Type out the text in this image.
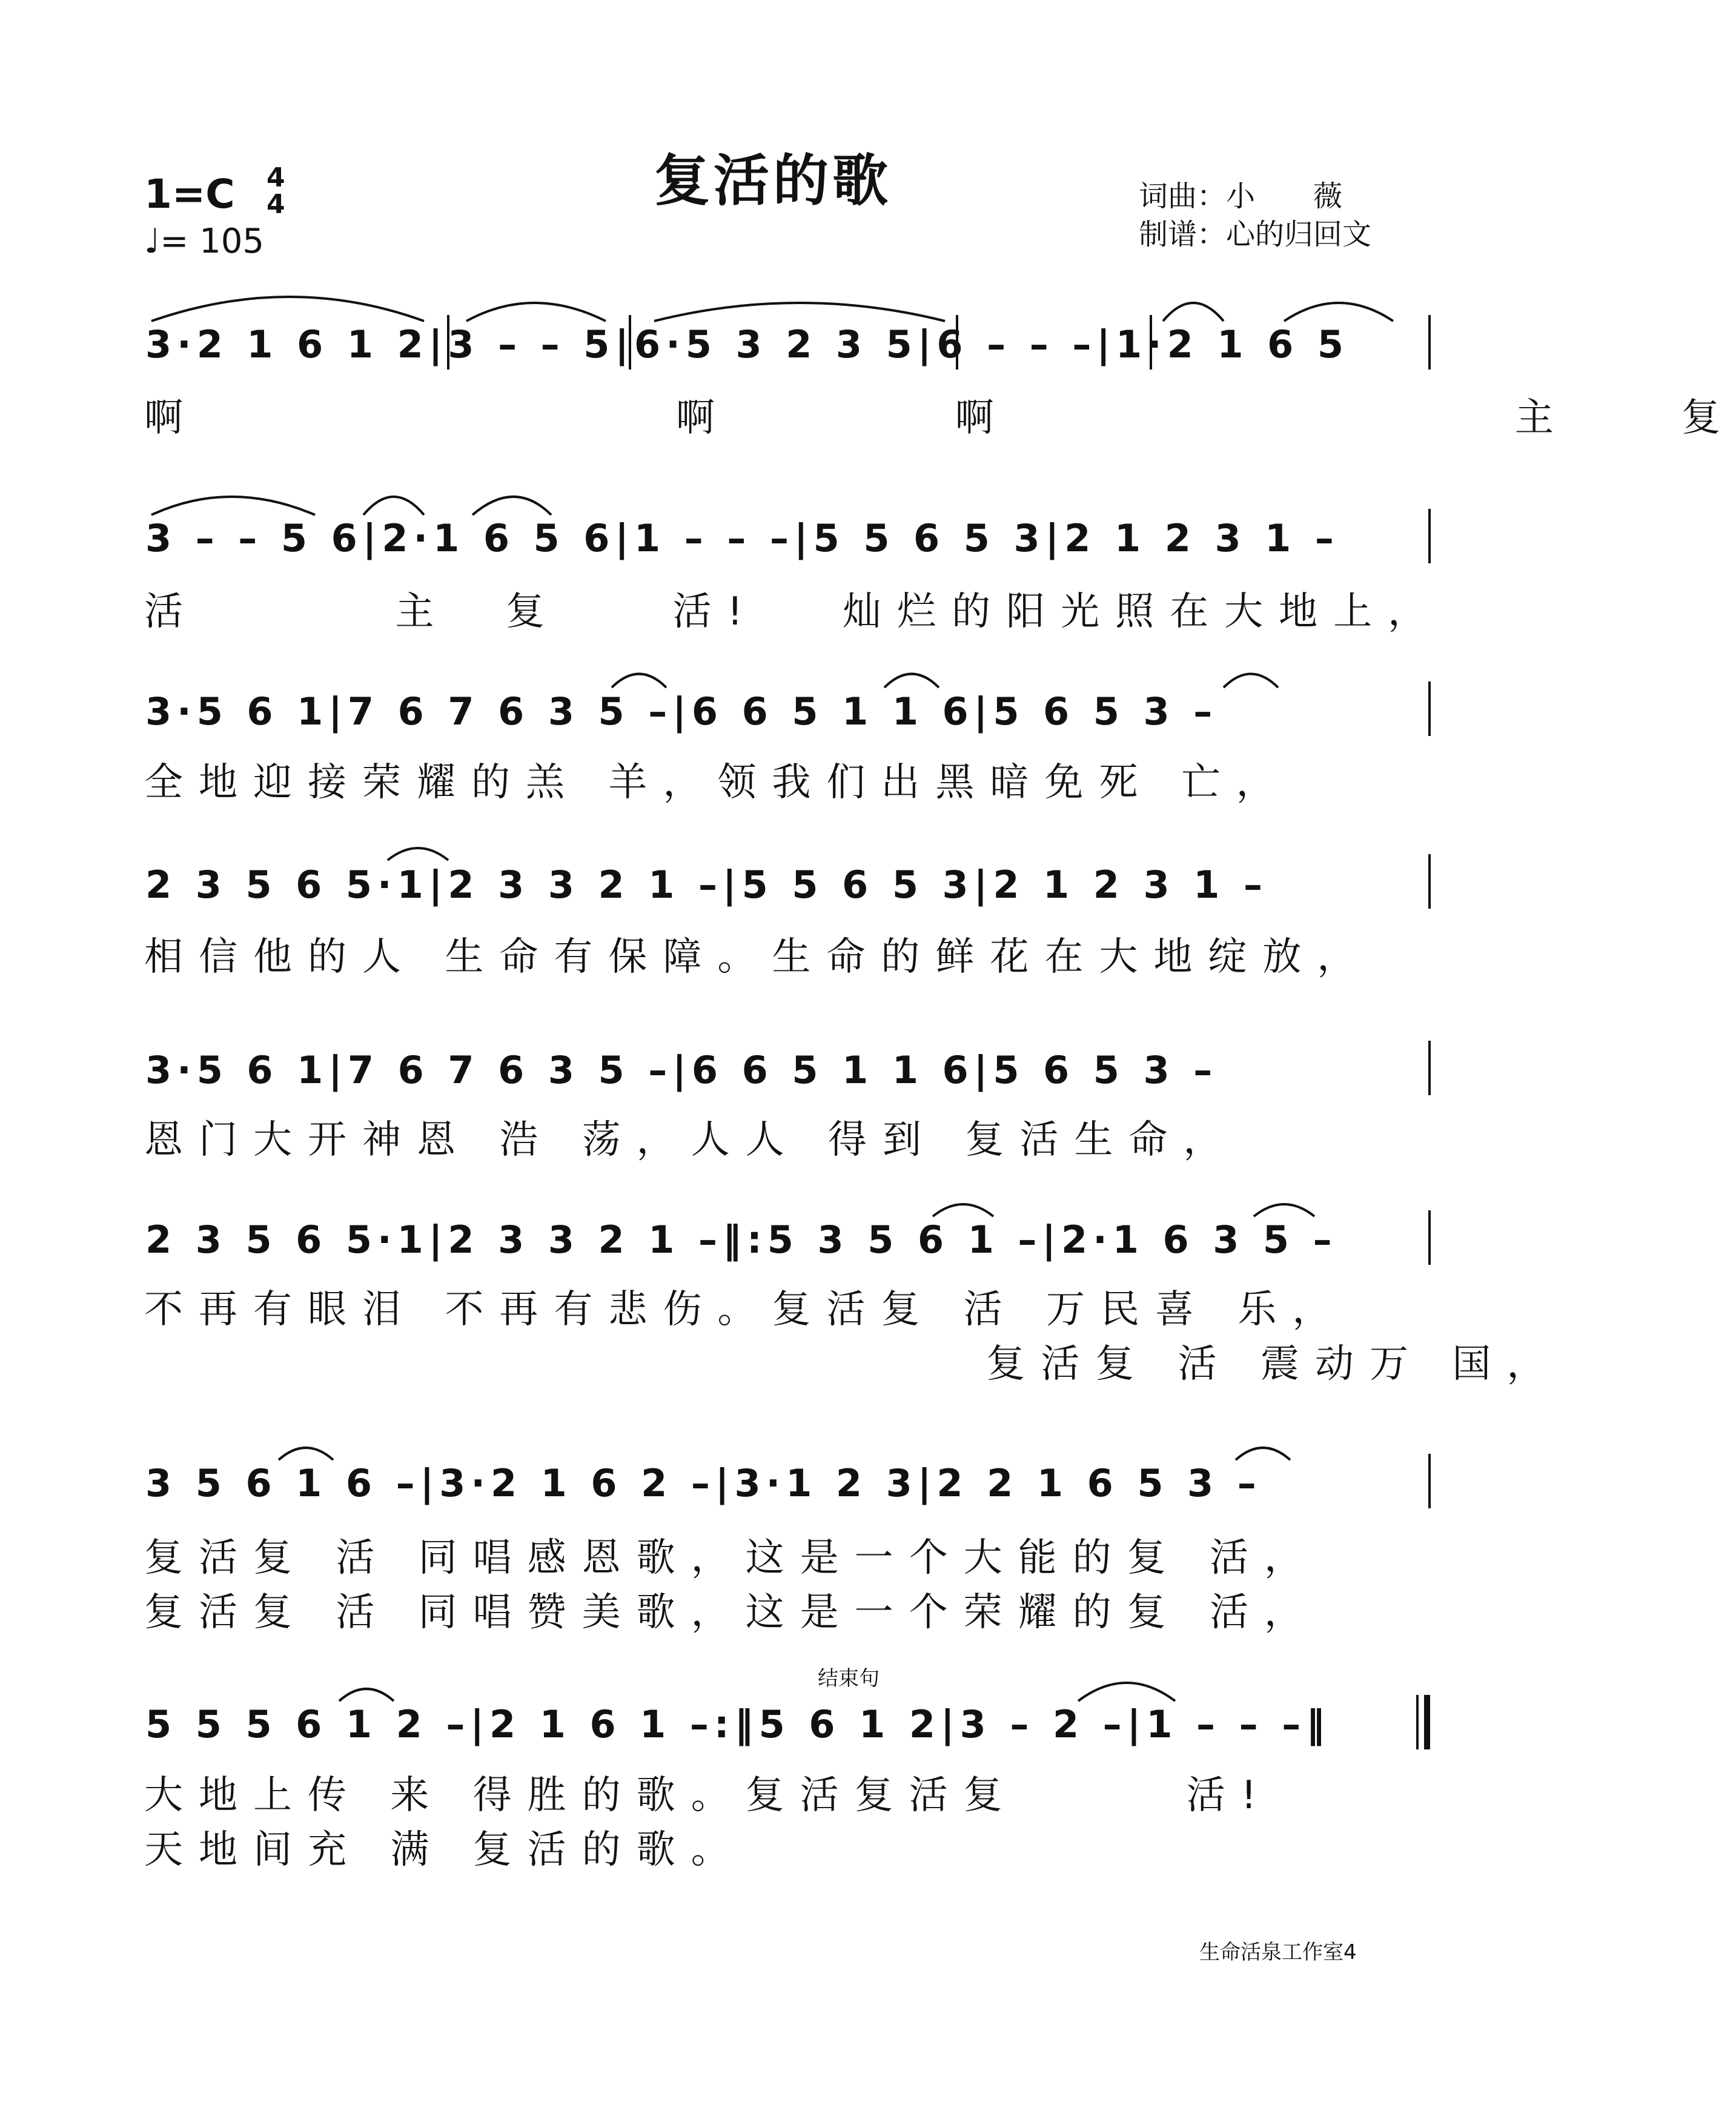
复活的歌
1=C 4
4
♩= 105
词曲：小　　薇
制谱：心的归回文
3·2 1 6 1 2|3 – – 5|6·5 3 2 3 5|6 – – –|1·2 1 6 5
啊                 啊        啊                  主    复
3 – – 5 6|2·1 6 5 6|1 – – –|5 5 6 5 3|2 1 2 3 1 –
活       主  复    活!   灿烂的阳光照在大地上，
3·5 6 1|7 6 7 6 3 5 –|6 6 5 1 1 6|5 6 5 3 –
全地迎接荣耀的羔 羊，领我们出黑暗免死 亡，
2 3 5 6 5·1|2 3 3 2 1 –|5 5 6 5 3|2 1 2 3 1 –
相信他的人 生命有保障。生命的鲜花在大地绽放，
3·5 6 1|7 6 7 6 3 5 –|6 6 5 1 1 6|5 6 5 3 –
恩门大开神恩 浩 荡，人人 得到 复活生命，
2 3 5 6 5·1|2 3 3 2 1 –‖:5 3 5 6 1 –|2·1 6 3 5 –
不再有眼泪 不再有悲伤。复活复 活 万民喜 乐，
复活复 活 震动万 国，
3 5 6 1 6 –|3·2 1 6 2 –|3·1 2 3|2 2 1 6 5 3 –
复活复 活 同唱感恩歌，这是一个大能的复 活，
复活复 活 同唱赞美歌，这是一个荣耀的复 活，
结束句
5 5 5 6 1 2 –|2 1 6 1 –:‖5 6 1 2|3 – 2 –|1 – – –‖
大地上传 来 得胜的歌。复活复活复      活!
天地间充 满 复活的歌。
生命活泉工作室4
